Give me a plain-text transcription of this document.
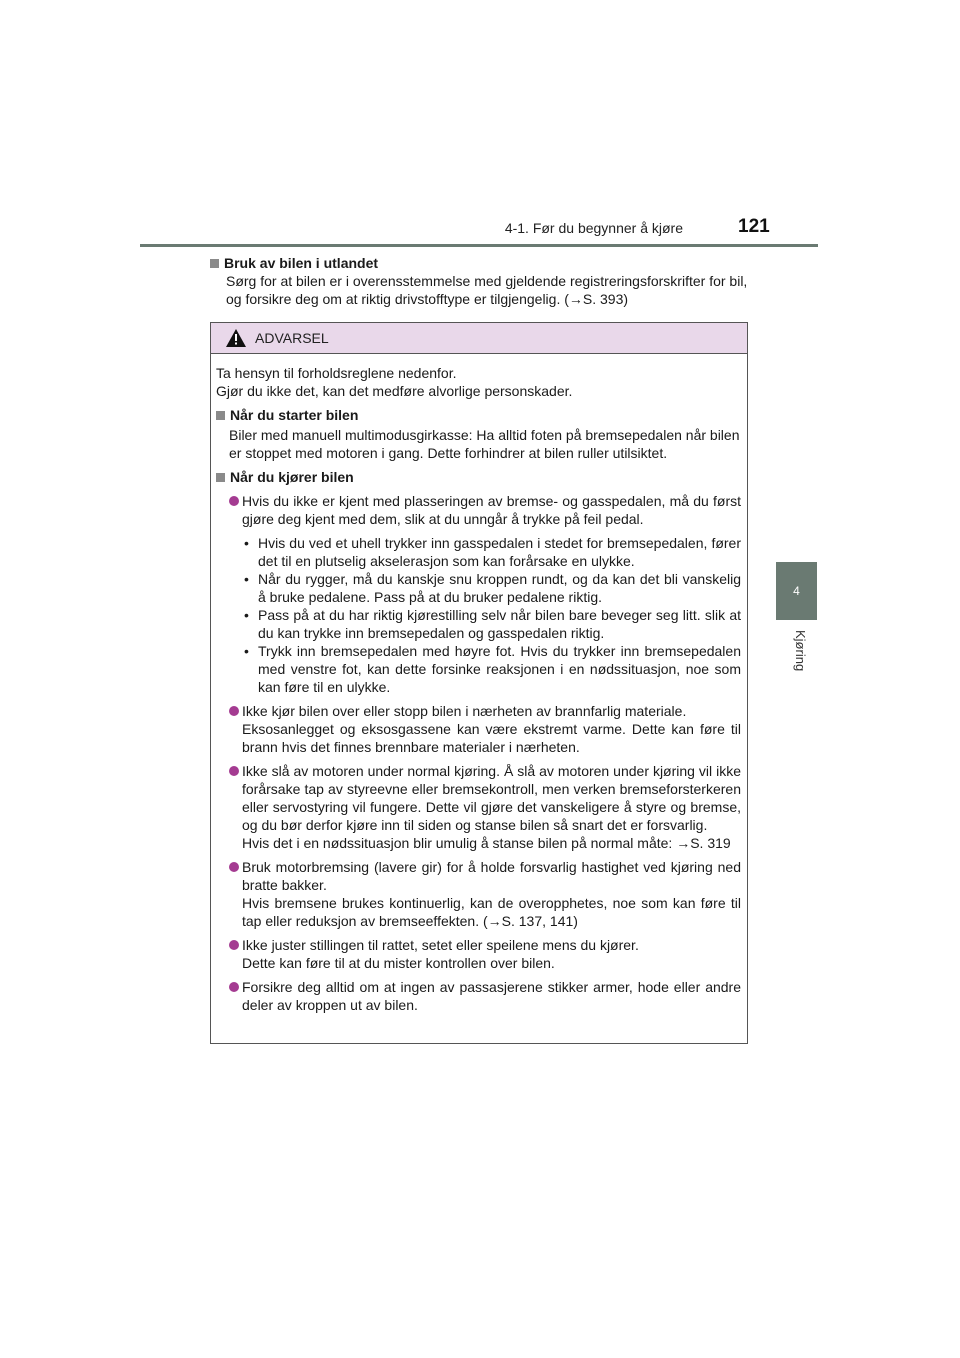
4-1. Før du begynner å kjøre	121
4
Kjøring
Bruk av bilen i utlandet
Sørg for at bilen er i overensstemmelse med gjeldende registreringsforskrifter for bil, og forsikre deg om at riktig drivstofftype er tilgjengelig. (→S. 393)
ADVARSEL

Ta hensyn til forholdsreglene nedenfor.

Gjør du ikke det, kan det medføre alvorlige personskader.

Når du starter bilen
Biler med manuell multimodusgirkasse: Ha alltid foten på bremsepedalen når bilen er stoppet med motoren i gang. Dette forhindrer at bilen ruller utilsiktet.
Når du kjører bilen
Hvis du ikke er kjent med plasseringen av bremse- og gasspedalen, må du først gjøre deg kjent med dem, slik at du unngår å trykke på feil pedal.
• Hvis du ved et uhell trykker inn gasspedalen i stedet for bremsepedalen, fører det til en plutselig akselerasjon som kan forårsake en ulykke.
• Når du rygger, må du kanskje snu kroppen rundt, og da kan det bli vanskelig å bruke pedalene. Pass på at du bruker pedalene riktig.
• Pass på at du har riktig kjørestilling selv når bilen bare beveger seg litt. slik at du kan trykke inn bremsepedalen og gasspedalen riktig.
• Trykk inn bremsepedalen med høyre fot. Hvis du trykker inn bremsepedalen med venstre fot, kan dette forsinke reaksjonen i en nødssituasjon, noe som kan føre til en ulykke.
Ikke kjør bilen over eller stopp bilen i nærheten av brannfarlig materiale.
Eksosanlegget og eksosgassene kan være ekstremt varme. Dette kan føre til brann hvis det finnes brennbare materialer i nærheten.
Ikke slå av motoren under normal kjøring. Å slå av motoren under kjøring vil ikke forårsake tap av styreevne eller bremsekontroll, men verken bremseforsterkeren eller servostyring vil fungere. Dette vil gjøre det vanskeligere å styre og bremse, og du bør derfor kjøre inn til siden og stanse bilen så snart det er forsvarlig.
Hvis det i en nødssituasjon blir umulig å stanse bilen på normal måte: →S. 319
Bruk motorbremsing (lavere gir) for å holde forsvarlig hastighet ved kjøring ned bratte bakker.
Hvis bremsene brukes kontinuerlig, kan de overopphetes, noe som kan føre til tap eller reduksjon av bremseeffekten. (→S. 137, 141)
Ikke juster stillingen til rattet, setet eller speilene mens du kjører.
Dette kan føre til at du mister kontrollen over bilen.
Forsikre deg alltid om at ingen av passasjerene stikker armer, hode eller andre deler av kroppen ut av bilen.
